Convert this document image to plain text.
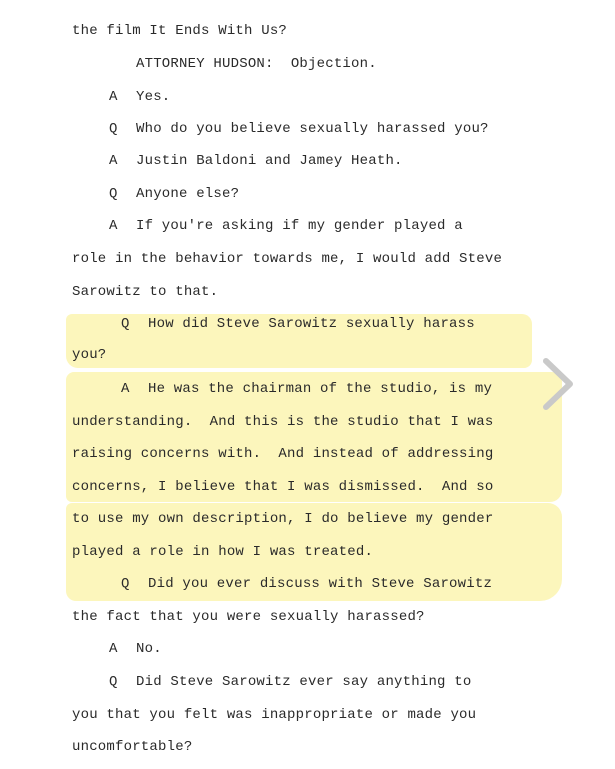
the film It Ends With Us?
ATTORNEY HUDSON:  Objection.
A Yes.
Q Who do you believe sexually harassed you?
A Justin Baldoni and Jamey Heath.
Q Anyone else?
A If you're asking if my gender played a
role in the behavior towards me, I would add Steve
Sarowitz to that.
Q How did Steve Sarowitz sexually harass
you?
A He was the chairman of the studio, is my
understanding.  And this is the studio that I was
raising concerns with.  And instead of addressing
concerns, I believe that I was dismissed.  And so
to use my own description, I do believe my gender
played a role in how I was treated.
Q Did you ever discuss with Steve Sarowitz
the fact that you were sexually harassed?
A No.
Q Did Steve Sarowitz ever say anything to
you that you felt was inappropriate or made you
uncomfortable?
